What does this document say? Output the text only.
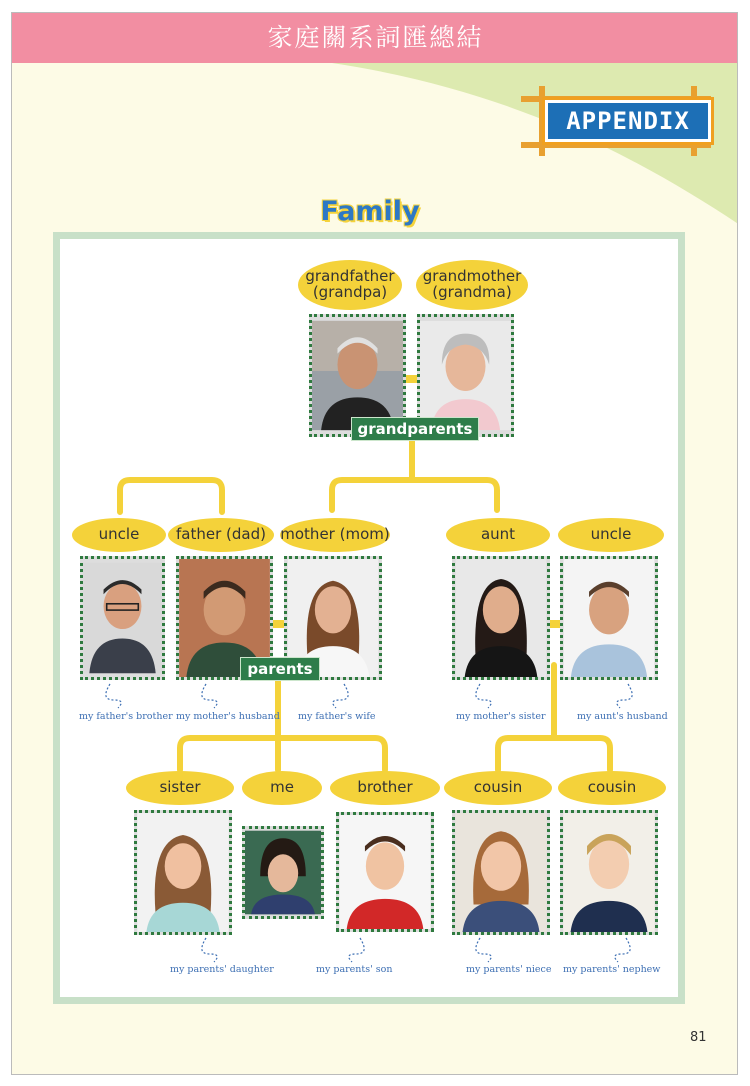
家庭關系詞匯總結
APPENDIX
Family
grandfather
(grandpa)
grandmother
(grandma)
uncle	father (dad) mother (mom)	aunt	uncle
sister	me	brother	cousin	cousin
grandparents
parents
my father's brother my mother's husband my father's wife	my mother's sister	my aunt's husband
my parents' daughter	my parents' son	my parents' niece my parents' nephew
81
